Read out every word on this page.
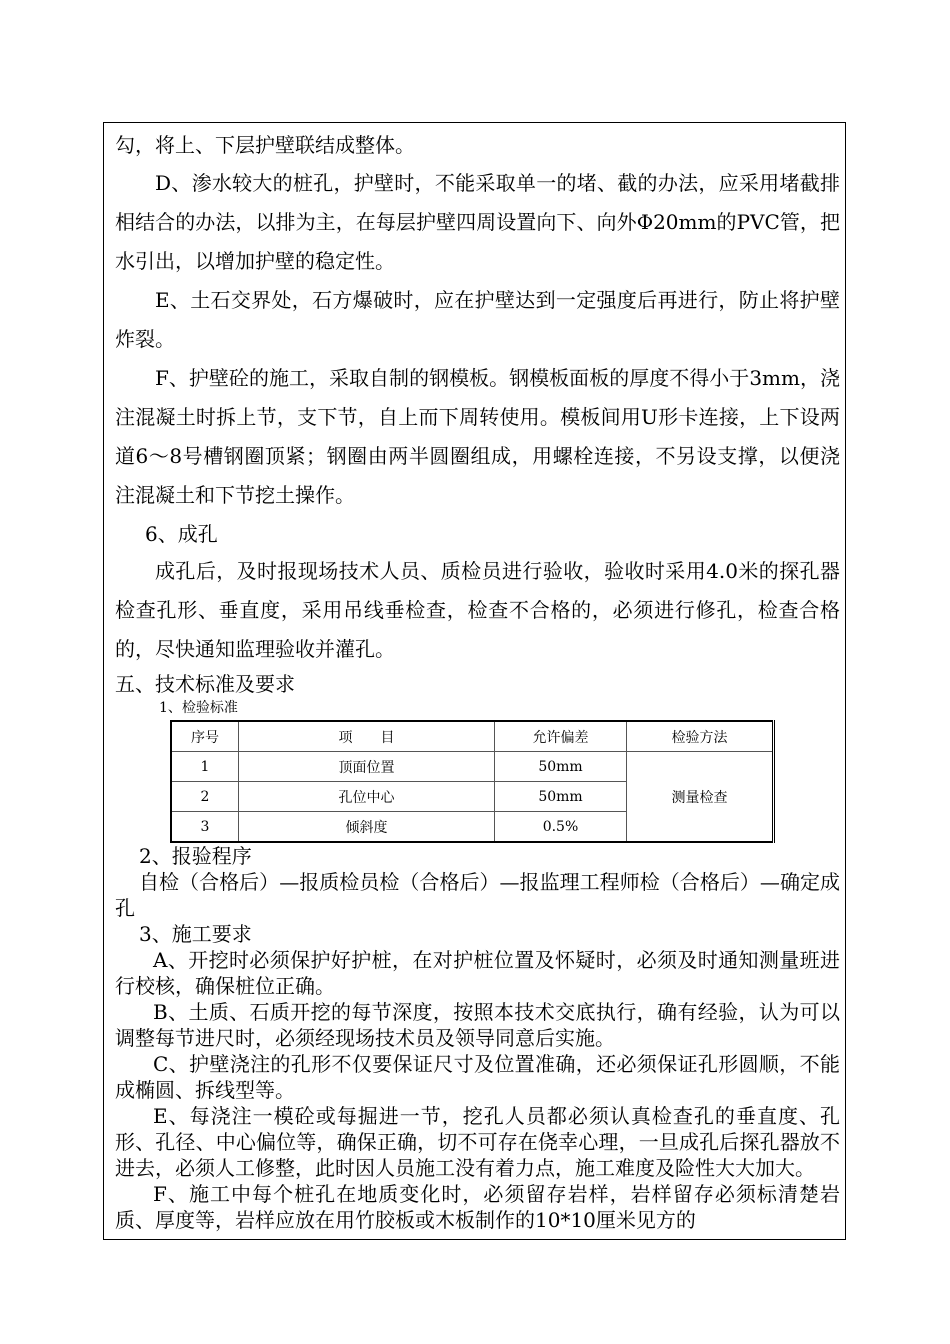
勾，将上、下层护壁联结成整体。

D、渗水较大的桩孔，护壁时，不能采取单一的堵、截的办法，应采用堵截排相结合的办法，以排为主，在每层护壁四周设置向下、向外Φ20mm的PVC管，把水引出，以增加护壁的稳定性。

E、土石交界处，石方爆破时，应在护壁达到一定强度后再进行，防止将护壁炸裂。

F、护壁砼的施工，采取自制的钢模板。钢模板面板的厚度不得小于3mm，浇注混凝土时拆上节，支下节，自上而下周转使用。模板间用U形卡连接，上下设两道6～8号槽钢圈顶紧；钢圈由两半圆圈组成，用螺栓连接，不另设支撑，以便浇注混凝土和下节挖土操作。

6、成孔

成孔后，及时报现场技术人员、质检员进行验收，验收时采用4.0米的探孔器检查孔形、垂直度，采用吊线垂检查，检查不合格的，必须进行修孔，检查合格的，尽快通知监理验收并灌孔。

五、技术标准及要求

1、检验标准

序号	项　　目	允许偏差	检验方法
1	顶面位置	50mm	测量检查
2	孔位中心	50mm	
3	倾斜度	0.5%	

2、报验程序

自检（合格后）—报质检员检（合格后）—报监理工程师检（合格后）—确定成孔

3、施工要求

A、开挖时必须保护好护桩，在对护桩位置及怀疑时，必须及时通知测量班进行校核，确保桩位正确。

B、土质、石质开挖的每节深度，按照本技术交底执行，确有经验，认为可以调整每节进尺时，必须经现场技术员及领导同意后实施。

C、护壁浇注的孔形不仅要保证尺寸及位置准确，还必须保证孔形圆顺，不能成椭圆、拆线型等。

E、每浇注一模砼或每掘进一节，挖孔人员都必须认真检查孔的垂直度、孔形、孔径、中心偏位等，确保正确，切不可存在侥幸心理，一旦成孔后探孔器放不进去，必须人工修整，此时因人员施工没有着力点，施工难度及险性大大加大。

F、施工中每个桩孔在地质变化时，必须留存岩样，岩样留存必须标清楚岩质、厚度等，岩样应放在用竹胶板或木板制作的10*10厘米见方的
